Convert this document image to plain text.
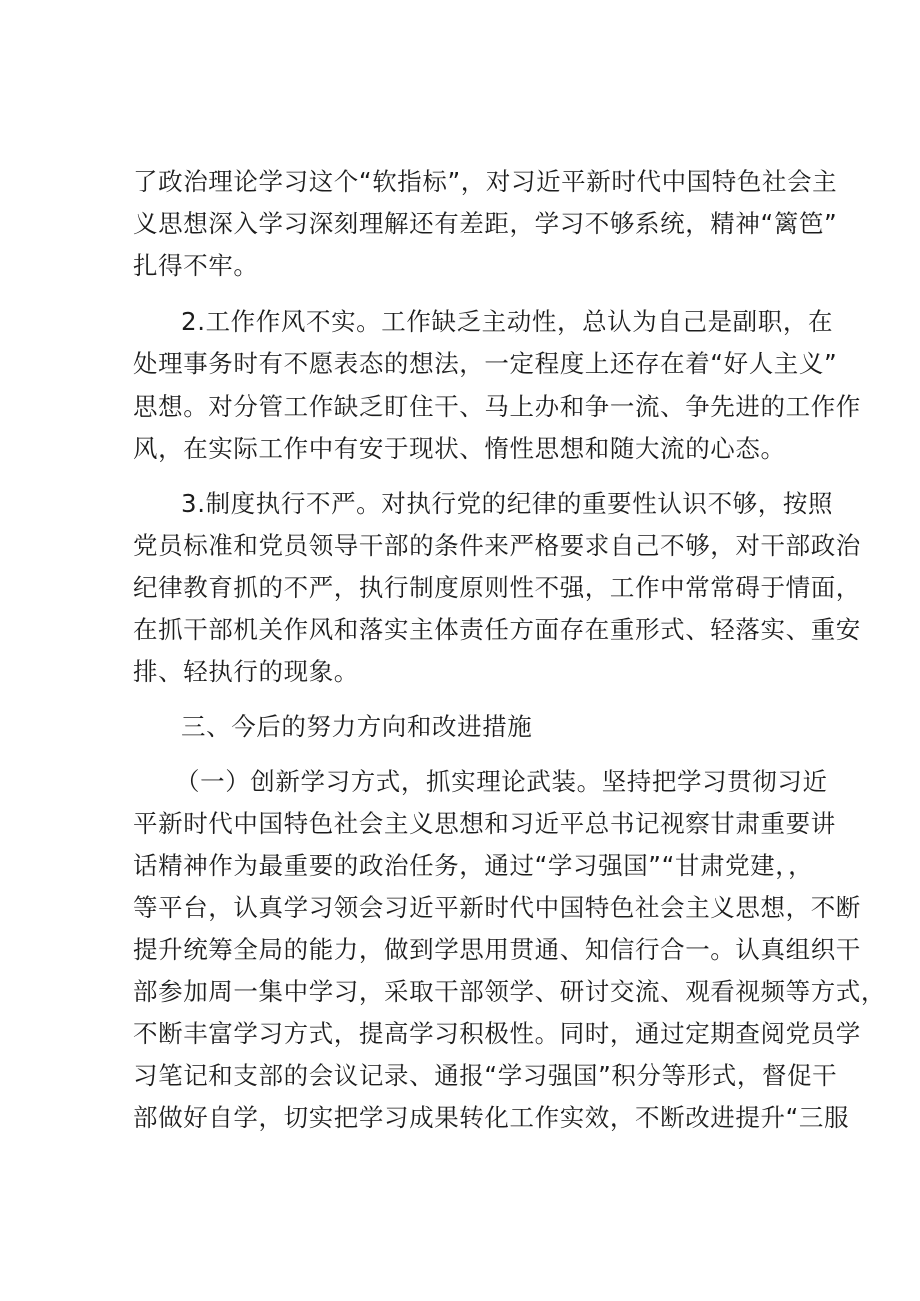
了政治理论学习这个“软指标”，对习近平新时代中国特色社会主
义思想深入学习深刻理解还有差距，学习不够系统，精神“篱笆”
扎得不牢。
2.工作作风不实。工作缺乏主动性，总认为自己是副职，在
处理事务时有不愿表态的想法，一定程度上还存在着“好人主义”
思想。对分管工作缺乏盯住干、马上办和争一流、争先进的工作作
风，在实际工作中有安于现状、惰性思想和随大流的心态。
3.制度执行不严。对执行党的纪律的重要性认识不够，按照
党员标准和党员领导干部的条件来严格要求自己不够，对干部政治
纪律教育抓的不严，执行制度原则性不强，工作中常常碍于情面，
在抓干部机关作风和落实主体责任方面存在重形式、轻落实、重安
排、轻执行的现象。
三、今后的努力方向和改进措施
（一）创新学习方式，抓实理论武装。坚持把学习贯彻习近
平新时代中国特色社会主义思想和习近平总书记视察甘肃重要讲
话精神作为最重要的政治任务，通过“学习强国”“甘肃党建，，
等平台，认真学习领会习近平新时代中国特色社会主义思想，不断
提升统筹全局的能力，做到学思用贯通、知信行合一。认真组织干
部参加周一集中学习，采取干部领学、研讨交流、观看视频等方式，
不断丰富学习方式，提高学习积极性。同时，通过定期查阅党员学
习笔记和支部的会议记录、通报“学习强国”积分等形式，督促干
部做好自学，切实把学习成果转化工作实效，不断改进提升“三服
